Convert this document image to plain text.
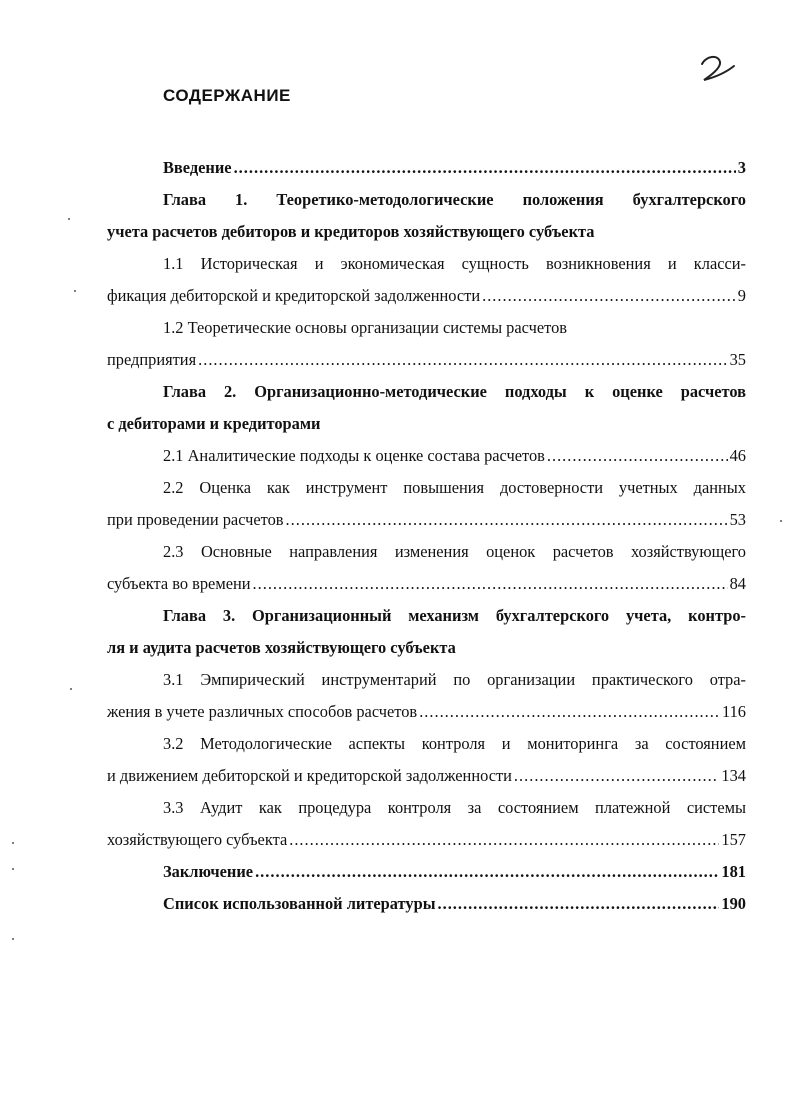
СОДЕРЖАНИЕ
Введение .....	3
Глава 1. Теоретико-методологические положения бухгалтерского
учета расчетов дебиторов и кредиторов хозяйствующего субъекта
1.1 Историческая и экономическая сущность возникновения и класси-
фикация дебиторской и кредиторской задолженности .....	9
1.2 Теоретические основы организации системы расчетов
предприятия .....	35
Глава 2. Организационно-методические подходы к оценке расчетов
с дебиторами и кредиторами
2.1 Аналитические подходы к оценке состава расчетов .....	46
2.2 Оценка как инструмент повышения достоверности учетных данных
при проведении расчетов .....	53
2.3 Основные направления изменения оценок расчетов хозяйствующего
субъекта во времени .....	84
Глава 3. Организационный механизм бухгалтерского учета, контро-
ля и аудита расчетов хозяйствующего субъекта
3.1 Эмпирический инструментарий по организации практического отра-
жения в учете различных способов расчетов .....	116
3.2 Методологические аспекты контроля и мониторинга за состоянием
и движением дебиторской и кредиторской задолженности .....	134
3.3 Аудит как процедура контроля за состоянием платежной системы
хозяйствующего субъекта .....	157
Заключение .....	181
Список использованной литературы .....	190
